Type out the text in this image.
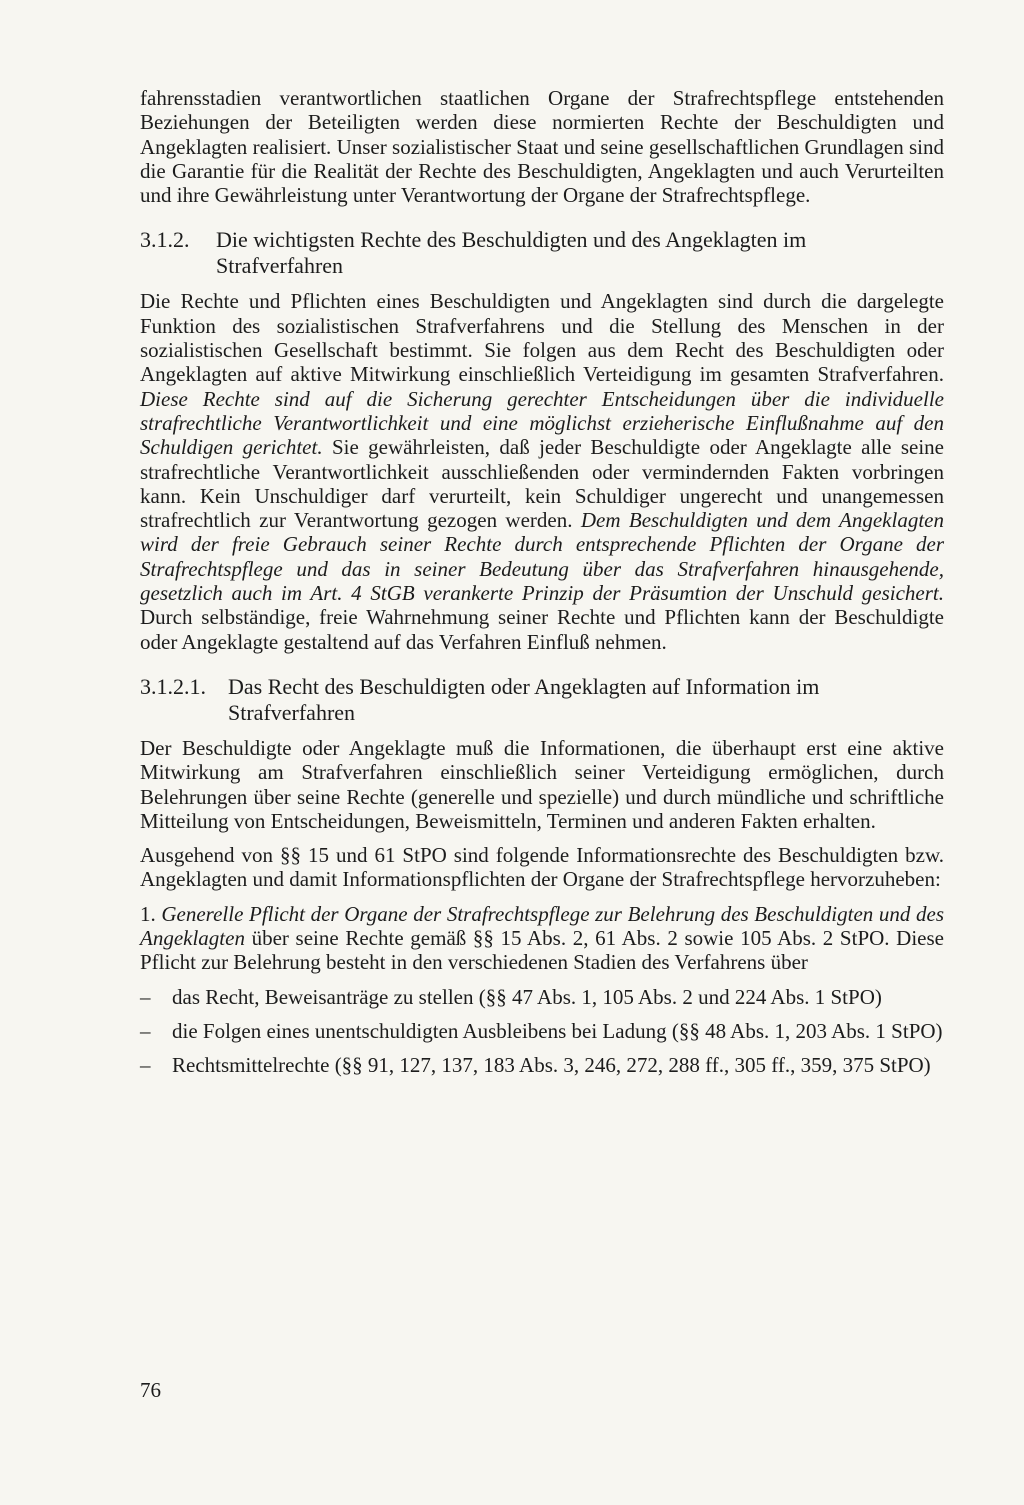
fahrensstadien verantwortlichen staatlichen Organe der Strafrechtspflege entstehenden Beziehungen der Beteiligten werden diese normierten Rechte der Beschuldigten und Angeklagten realisiert. Unser sozialistischer Staat und seine gesellschaftlichen Grundlagen sind die Garantie für die Realität der Rechte des Beschuldigten, Angeklagten und auch Verurteilten und ihre Gewährleistung unter Verantwortung der Organe der Strafrechtspflege.

3.1.2.	Die wichtigsten Rechte des Beschuldigten und des Angeklagten im Strafverfahren

Die Rechte und Pflichten eines Beschuldigten und Angeklagten sind durch die dargelegte Funktion des sozialistischen Strafverfahrens und die Stellung des Menschen in der sozialistischen Gesellschaft bestimmt. Sie folgen aus dem Recht des Beschuldigten oder Angeklagten auf aktive Mitwirkung einschließlich Verteidigung im gesamten Strafverfahren. Diese Rechte sind auf die Sicherung gerechter Entscheidungen über die individuelle strafrechtliche Verantwortlichkeit und eine möglichst erzieherische Einflußnahme auf den Schuldigen gerichtet. Sie gewährleisten, daß jeder Beschuldigte oder Angeklagte alle seine strafrechtliche Verantwortlichkeit ausschließenden oder vermindernden Fakten vorbringen kann. Kein Unschuldiger darf verurteilt, kein Schuldiger ungerecht und unangemessen strafrechtlich zur Verantwortung gezogen werden. Dem Beschuldigten und dem Angeklagten wird der freie Gebrauch seiner Rechte durch entsprechende Pflichten der Organe der Strafrechtspflege und das in seiner Bedeutung über das Strafverfahren hinausgehende, gesetzlich auch im Art. 4 StGB verankerte Prinzip der Präsumtion der Unschuld gesichert. Durch selbständige, freie Wahrnehmung seiner Rechte und Pflichten kann der Beschuldigte oder Angeklagte gestaltend auf das Verfahren Einfluß nehmen.

3.1.2.1.	Das Recht des Beschuldigten oder Angeklagten auf Information im Strafverfahren

Der Beschuldigte oder Angeklagte muß die Informationen, die überhaupt erst eine aktive Mitwirkung am Strafverfahren einschließlich seiner Verteidigung ermöglichen, durch Belehrungen über seine Rechte (generelle und spezielle) und durch mündliche und schriftliche Mitteilung von Entscheidungen, Beweismitteln, Terminen und anderen Fakten erhalten.

Ausgehend von §§ 15 und 61 StPO sind folgende Informationsrechte des Beschuldigten bzw. Angeklagten und damit Informationspflichten der Organe der Strafrechtspflege hervorzuheben:

1. Generelle Pflicht der Organe der Strafrechtspflege zur Belehrung des Beschuldigten und des Angeklagten über seine Rechte gemäß §§ 15 Abs. 2, 61 Abs. 2 sowie 105 Abs. 2 StPO. Diese Pflicht zur Belehrung besteht in den verschiedenen Stadien des Verfahrens über

–	das Recht, Beweisanträge zu stellen (§§ 47 Abs. 1, 105 Abs. 2 und 224 Abs. 1 StPO)
–	die Folgen eines unentschuldigten Ausbleibens bei Ladung (§§ 48 Abs. 1, 203 Abs. 1 StPO)
–	Rechtsmittelrechte (§§ 91, 127, 137, 183 Abs. 3, 246, 272, 288 ff., 305 ff., 359, 375 StPO)
76
